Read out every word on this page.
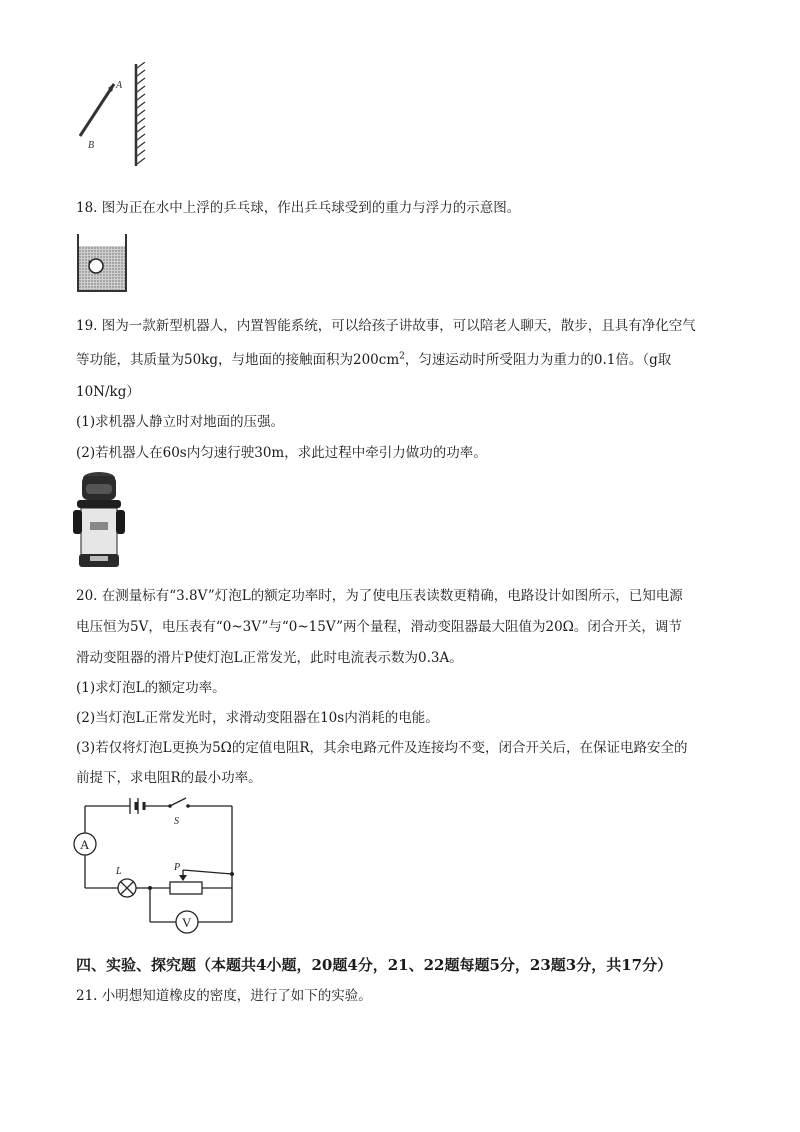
A
B
18. 图为正在水中上浮的乒乓球，作出乒乓球受到的重力与浮力的示意图。
19. 图为一款新型机器人，内置智能系统，可以给孩子讲故事，可以陪老人聊天，散步，且具有净化空气
等功能，其质量为50kg，与地面的接触面积为$200cm^2$，匀速运动时所受阻力为重力的0.1倍。（g取
10N/kg）
(1)求机器人静立时对地面的压强。
(2)若机器人在60s内匀速行驶30m，求此过程中牵引力做功的功率。
20. 在测量标有“3.8V”灯泡L的额定功率时，为了使电压表读数更精确，电路设计如图所示，已知电源
电压恒为5V，电压表有“0~3V”与“0~15V”两个量程，滑动变阻器最大阻值为20Ω。闭合开关，调节
滑动变阻器的滑片P使灯泡L正常发光，此时电流表示数为0.3A。
(1)求灯泡L的额定功率。
(2)当灯泡L正常发光时，求滑动变阻器在10s内消耗的电能。
(3)若仅将灯泡L更换为5Ω的定值电阻R，其余电路元件及连接均不变，闭合开关后，在保证电路安全的
前提下，求电阻R的最小功率。
S
A
L	P
V
四、实验、探究题（本题共4小题，20题4分，21、22题每题5分，23题3分，共17分）
21. 小明想知道橡皮的密度，进行了如下的实验。
